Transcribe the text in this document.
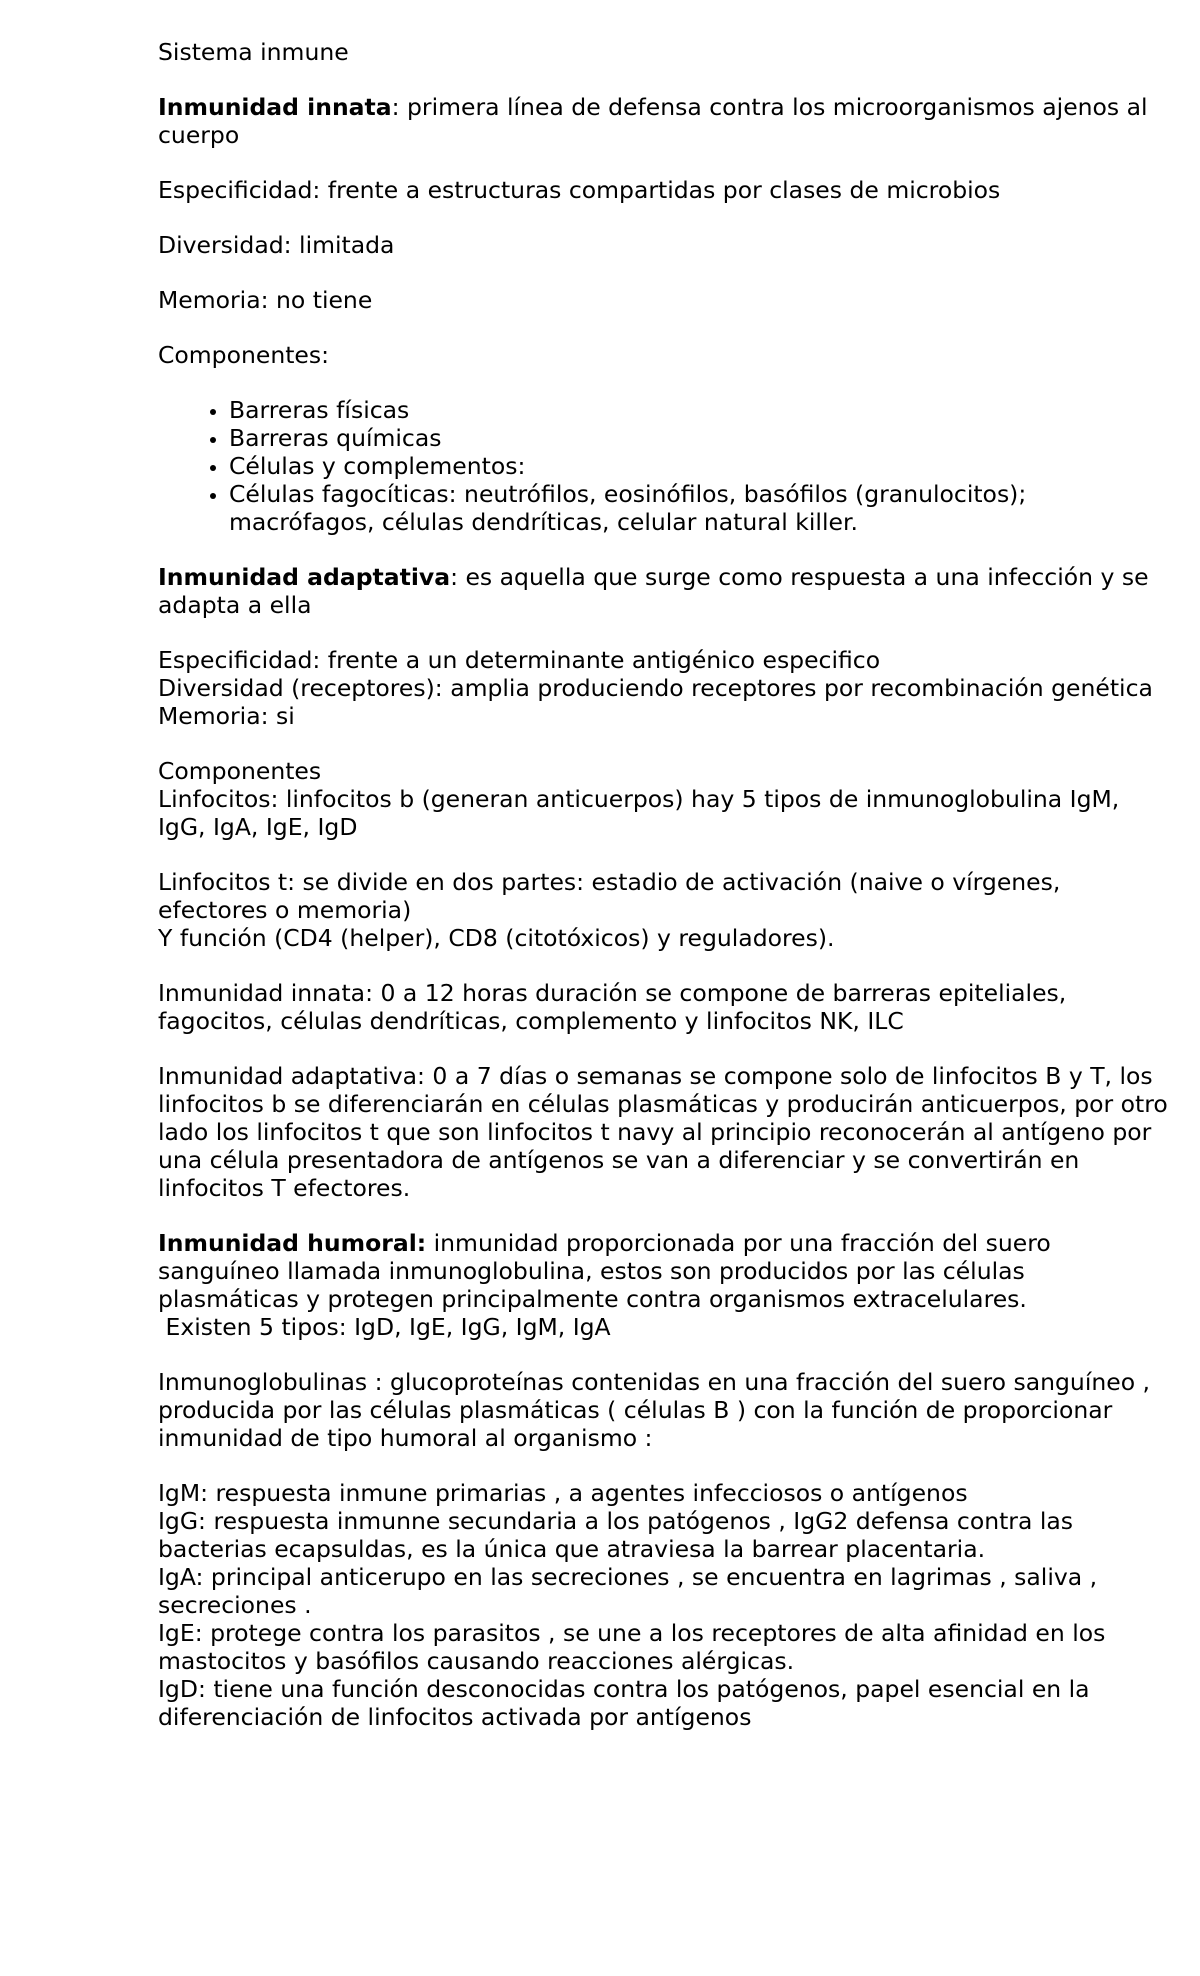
Sistema inmune

Inmunidad innata: primera línea de defensa contra los microorganismos ajenos al cuerpo

Especificidad: frente a estructuras compartidas por clases de microbios

Diversidad: limitada

Memoria: no tiene

Componentes:

• Barreras físicas
• Barreras químicas
• Células y complementos:
• Células fagocíticas: neutrófilos, eosinófilos, basófilos (granulocitos); macrófagos, células dendríticas, celular natural killer.

Inmunidad adaptativa: es aquella que surge como respuesta a una infección y se adapta a ella

Especificidad: frente a un determinante antigénico especifico

Diversidad (receptores): amplia produciendo receptores por recombinación genética

Memoria: si

Componentes

Linfocitos: linfocitos b (generan anticuerpos) hay 5 tipos de inmunoglobulina IgM, IgG, IgA, IgE, IgD

Linfocitos t: se divide en dos partes: estadio de activación (naive o vírgenes, efectores o memoria)

Y función (CD4 (helper), CD8 (citotóxicos) y reguladores).

Inmunidad innata: 0 a 12 horas duración se compone de barreras epiteliales, fagocitos, células dendríticas, complemento y linfocitos NK, ILC

Inmunidad adaptativa: 0 a 7 días o semanas se compone solo de linfocitos B y T, los linfocitos b se diferenciarán en células plasmáticas y producirán anticuerpos, por otro lado los linfocitos t que son linfocitos t navy al principio reconocerán al antígeno por una célula presentadora de antígenos se van a diferenciar y se convertirán en linfocitos T efectores.

Inmunidad humoral: inmunidad proporcionada por una fracción del suero sanguíneo llamada inmunoglobulina, estos son producidos por las células plasmáticas y protegen principalmente contra organismos extracelulares.

Existen 5 tipos: IgD, IgE, IgG, IgM, IgA

Inmunoglobulinas : glucoproteínas contenidas en una fracción del suero sanguíneo , producida por las células plasmáticas ( células B ) con la función de proporcionar inmunidad de tipo humoral al organismo :

IgM: respuesta inmune primarias , a agentes infecciosos o antígenos

IgG: respuesta inmunne secundaria a los patógenos , IgG2 defensa contra las bacterias ecapsuldas, es la única que atraviesa la barrear placentaria.

IgA: principal anticerupo en las secreciones , se encuentra en lagrimas , saliva , secreciones .

IgE: protege contra los parasitos , se une a los receptores de alta afinidad en los mastocitos y basófilos causando reacciones alérgicas.

IgD: tiene una función desconocidas contra los patógenos, papel esencial en la diferenciación de linfocitos activada por antígenos
